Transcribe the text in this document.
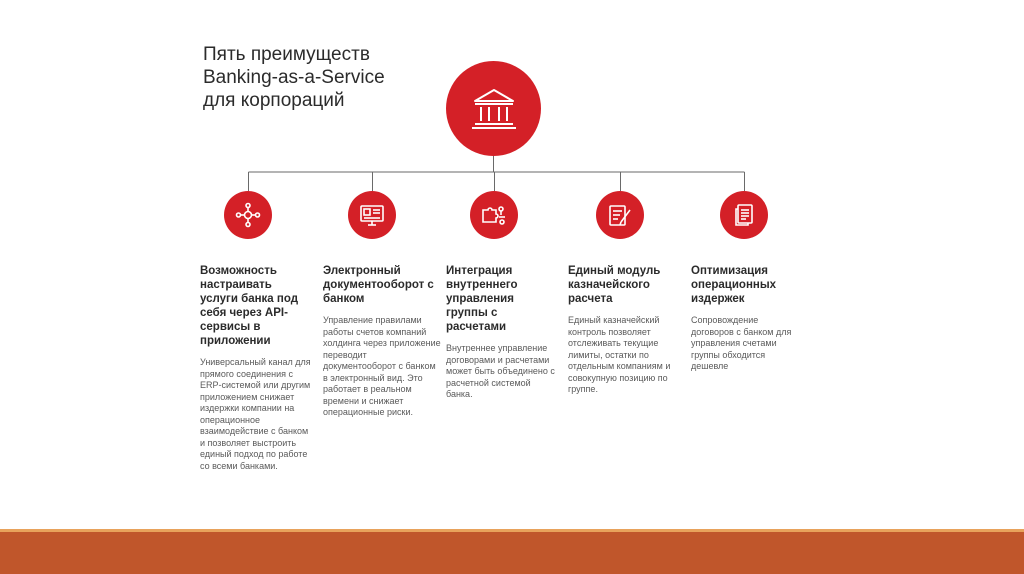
Пять преимуществ
Banking-as-a-Service
для корпораций
Возможность настраивать услуги банка под себя через API-сервисы в приложении

Универсальный канал для прямого соединения с ERP-системой или другим приложением снижает издержки компании на операционное взаимодействие с банком и позволяет выстроить единый подход по работе со всеми банками.

Электронный документооборот с банком

Управление правилами работы счетов компаний холдинга через приложение переводит документооборот с банком в электронный вид. Это работает в реальном времени и снижает операционные риски.

Интеграция внутреннего управления группы с расчетами

Внутреннее управление договорами и расчетами может быть объединено с расчетной системой банка.

Единый модуль казначейского расчета

Единый казначейский контроль позволяет отслеживать текущие лимиты, остатки по отдельным компаниям и совокупную позицию по группе.

Оптимизация операционных издержек

Сопровождение договоров с банком для управления счетами группы обходится дешевле
